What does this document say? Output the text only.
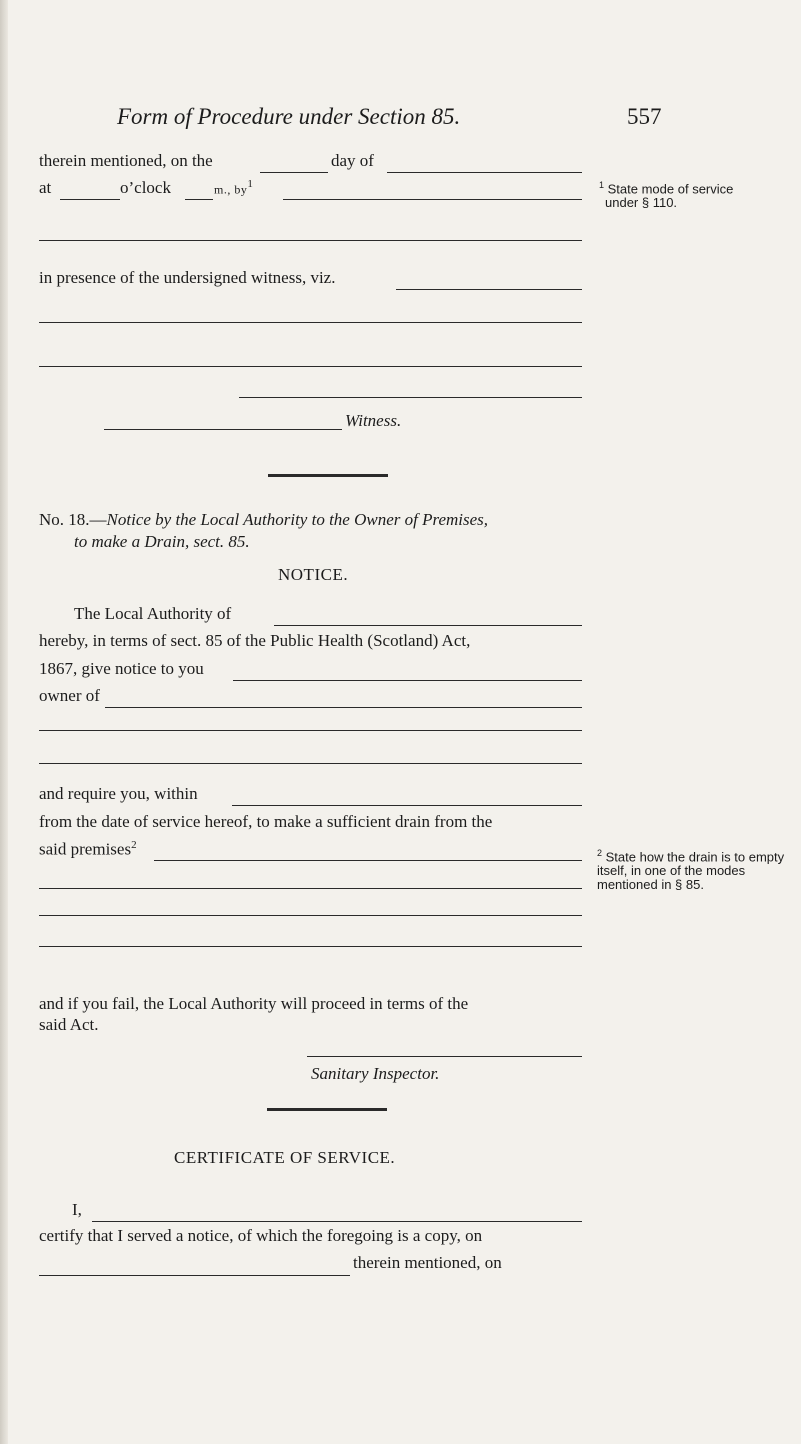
Form of Procedure under Section 85.	557
therein mentioned, on the	day of
at	o’clock	m., $by^1$
in presence of the undersigned witness, viz.
Witness.
$^1$ State mode of service
under § 110.
No. 18.—Notice by the Local Authority to the Owner of Premises,
to make a Drain, sect. 85.
NOTICE.
The Local Authority of
hereby, in terms of sect. 85 of the Public Health (Scotland) Act,
1867, give notice to you
owner of
and require you, within
from the date of service hereof, to make a sufficient drain from the
said premises$^2$
$^2$ State how the drain is to empty itself, in one of the modes mentioned in § 85.
and if you fail, the Local Authority will proceed in terms of the
said Act.
Sanitary Inspector.
CERTIFICATE OF SERVICE.
I,
certify that I served a notice, of which the foregoing is a copy, on
therein mentioned, on
